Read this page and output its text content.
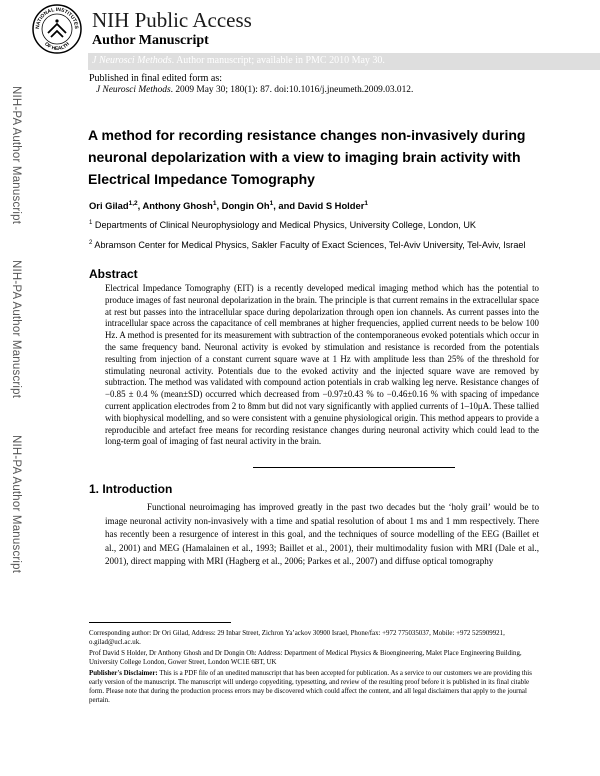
NATIONAL INSTITUTES
OF HEALTH
NIH Public Access
Author Manuscript
J Neurosci Methods. Author manuscript; available in PMC 2010 May 30.
Published in final edited form as:
J Neurosci Methods. 2009 May 30; 180(1): 87. doi:10.1016/j.jneumeth.2009.03.012.
NIH-PA Author Manuscript
NIH-PA Author Manuscript
NIH-PA Author Manuscript
A method for recording resistance changes non-invasively during neuronal depolarization with a view to imaging brain activity with Electrical Impedance Tomography
Ori Gilad$^{1,2}$, Anthony Ghosh$^1$, Dongin Oh$^1$, and David S Holder$^1$
$^1$ Departments of Clinical Neurophysiology and Medical Physics, University College, London, UK
$^2$ Abramson Center for Medical Physics, Sakler Faculty of Exact Sciences, Tel-Aviv University, Tel-Aviv, Israel
Abstract
Electrical Impedance Tomography (EIT) is a recently developed medical imaging method which has the potential to produce images of fast neuronal depolarization in the brain. The principle is that current remains in the extracellular space at rest but passes into the intracellular space during depolarization through open ion channels. As current passes into the intracellular space across the capacitance of cell membranes at higher frequencies, applied current needs to be below 100 Hz. A method is presented for its measurement with subtraction of the contemporaneous evoked potentials which occur in the same frequency band. Neuronal activity is evoked by stimulation and resistance is recorded from the potentials resulting from injection of a constant current square wave at 1 Hz with amplitude less than 25% of the threshold for stimulating neuronal activity. Potentials due to the evoked activity and the injected square wave are removed by subtraction. The method was validated with compound action potentials in crab walking leg nerve. Resistance changes of −0.85 ± 0.4 % (mean±SD) occurred which decreased from −0.97±0.43 % to −0.46±0.16 % with spacing of impedance current application electrodes from 2 to 8mm but did not vary significantly with applied currents of 1–10μA. These tallied with biophysical modelling, and so were consistent with a genuine physiological origin. This method appears to provide a reproducible and artefact free means for recording resistance changes during neuronal activity which could lead to the long-term goal of imaging of fast neural activity in the brain.
1. Introduction
Functional neuroimaging has improved greatly in the past two decades but the ‘holy grail’ would be to image neuronal activity non-invasively with a time and spatial resolution of about 1 ms and 1 mm respectively. There has recently been a resurgence of interest in this goal, and the techniques of source modelling of the EEG (Baillet et al., 2001) and MEG (Hamalainen et al., 1993; Baillet et al., 2001), their multimodality fusion with MRI (Dale et al., 2001), direct mapping with MRI (Hagberg et al., 2006; Parkes et al., 2007) and diffuse optical tomography
Corresponding author: Dr Ori Gilad, Address: 29 Inbar Street, Zichron Ya’ackov 30900 Israel, Phone/fax: +972 775035037, Mobile: +972 525909921, o.gilad@ucl.ac.uk.
Prof David S Holder, Dr Anthony Ghosh and Dr Dongin Oh: Address: Department of Medical Physics & Bioengineering, Malet Place Engineering Building, University College London, Gower Street, London WC1E 6BT, UK
Publisher's Disclaimer: This is a PDF file of an unedited manuscript that has been accepted for publication. As a service to our customers we are providing this early version of the manuscript. The manuscript will undergo copyediting, typesetting, and review of the resulting proof before it is published in its final citable form. Please note that during the production process errors may be discovered which could affect the content, and all legal disclaimers that apply to the journal pertain.
